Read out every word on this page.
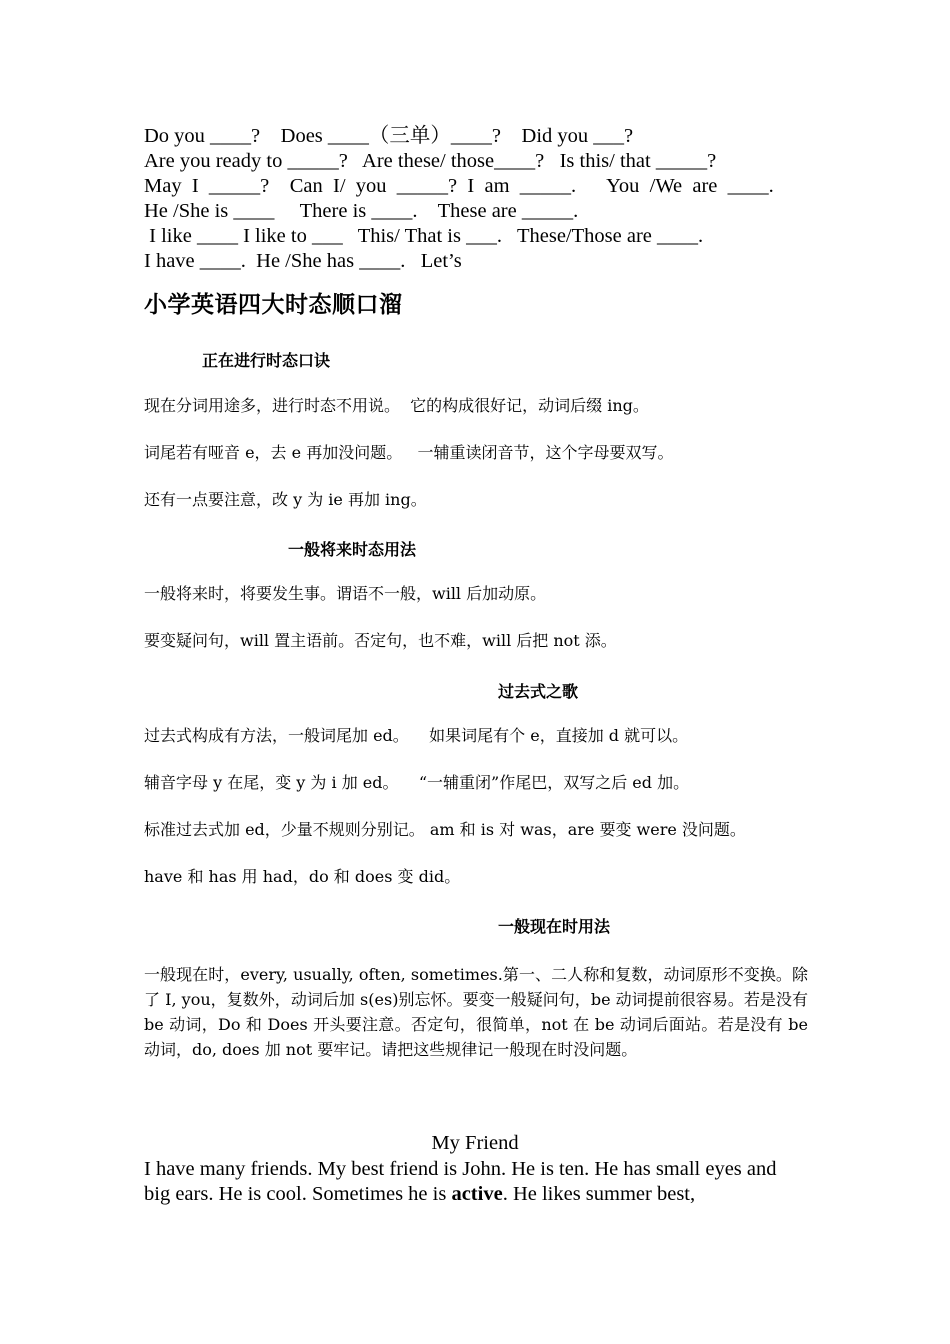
Do you ____?    Does ____（三单）____?    Did you ___?
Are you ready to _____?   Are these/ those____?   Is this/ that _____?
May  I  _____?    Can  I/  you  _____?  I  am  _____.      You  /We  are  ____.
He /She is ____     There is ____.    These are _____.
I like ____ I like to ___   This/ That is ___.   These/Those are ____.
I have ____.  He /She has ____.   Let’s
小学英语四大时态顺口溜
正在进行时态口诀
现在分词用途多，进行时态不用说。  它的构成很好记，动词后缀 ing。
词尾若有哑音 e，去 e 再加没问题。   一辅重读闭音节，这个字母要双写。
还有一点要注意，改 y 为 ie 再加 ing。
一般将来时态用法
一般将来时，将要发生事。谓语不一般，will 后加动原。
要变疑问句，will 置主语前。否定句，也不难，will 后把 not 添。
过去式之歌
过去式构成有方法，一般词尾加 ed。    如果词尾有个 e，直接加 d 就可以。
辅音字母 y 在尾，变 y 为 i 加 ed。    “一辅重闭”作尾巴，双写之后 ed 加。
标准过去式加 ed，少量不规则分别记。 am 和 is 对 was，are 要变 were 没问题。
have 和 has 用 had，do 和 does 变 did。
一般现在时用法
一般现在时，every, usually, often, sometimes.第一、二人称和复数，动词原形不变换。除了 I, you，复数外，动词后加 s(es)别忘怀。要变一般疑问句，be 动词提前很容易。若是没有 be 动词，Do 和 Does 开头要注意。否定句，很简单，not 在 be 动词后面站。若是没有 be 动词，do, does 加 not 要牢记。请把这些规律记一般现在时没问题。
My Friend
I have many friends. My best friend is John. He is ten. He has small eyes and big ears. He is cool. Sometimes he is active. He likes summer best,
